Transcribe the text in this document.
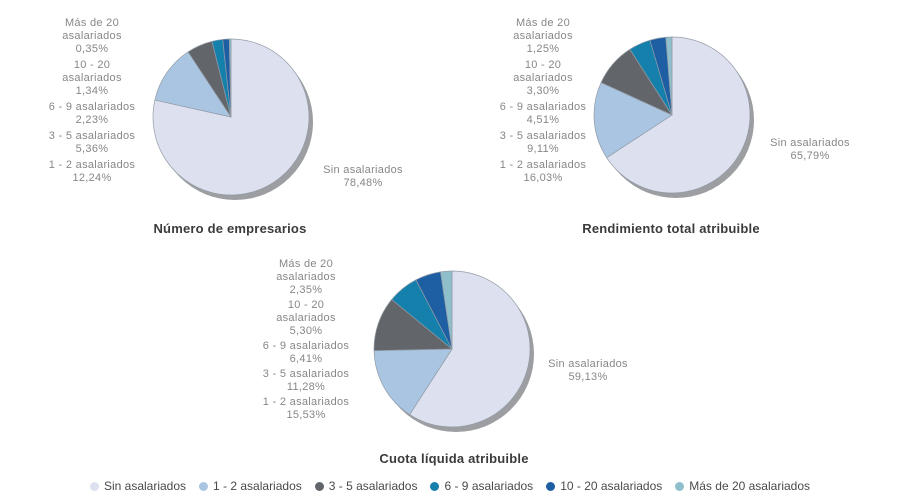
Más de 20
asalariados
0,35%
10 - 20
asalariados
1,34%
6 - 9 asalariados
2,23%
3 - 5 asalariados
5,36%
1 - 2 asalariados
12,24%
Sin asalariados
78,48%
Número de empresarios
Más de 20
asalariados
1,25%
10 - 20
asalariados
3,30%
6 - 9 asalariados
4,51%
3 - 5 asalariados
9,11%
1 - 2 asalariados
16,03%
Sin asalariados
65,79%
Rendimiento total atribuible
Más de 20
asalariados
2,35%
10 - 20
asalariados
5,30%
6 - 9 asalariados
6,41%
3 - 5 asalariados
11,28%
1 - 2 asalariados
15,53%
Sin asalariados
59,13%
Cuota líquida atribuible
Sin asalariados 1 - 2 asalariados 3 - 5 asalariados 6 - 9 asalariados 10 - 20 asalariados Más de 20 asalariados
